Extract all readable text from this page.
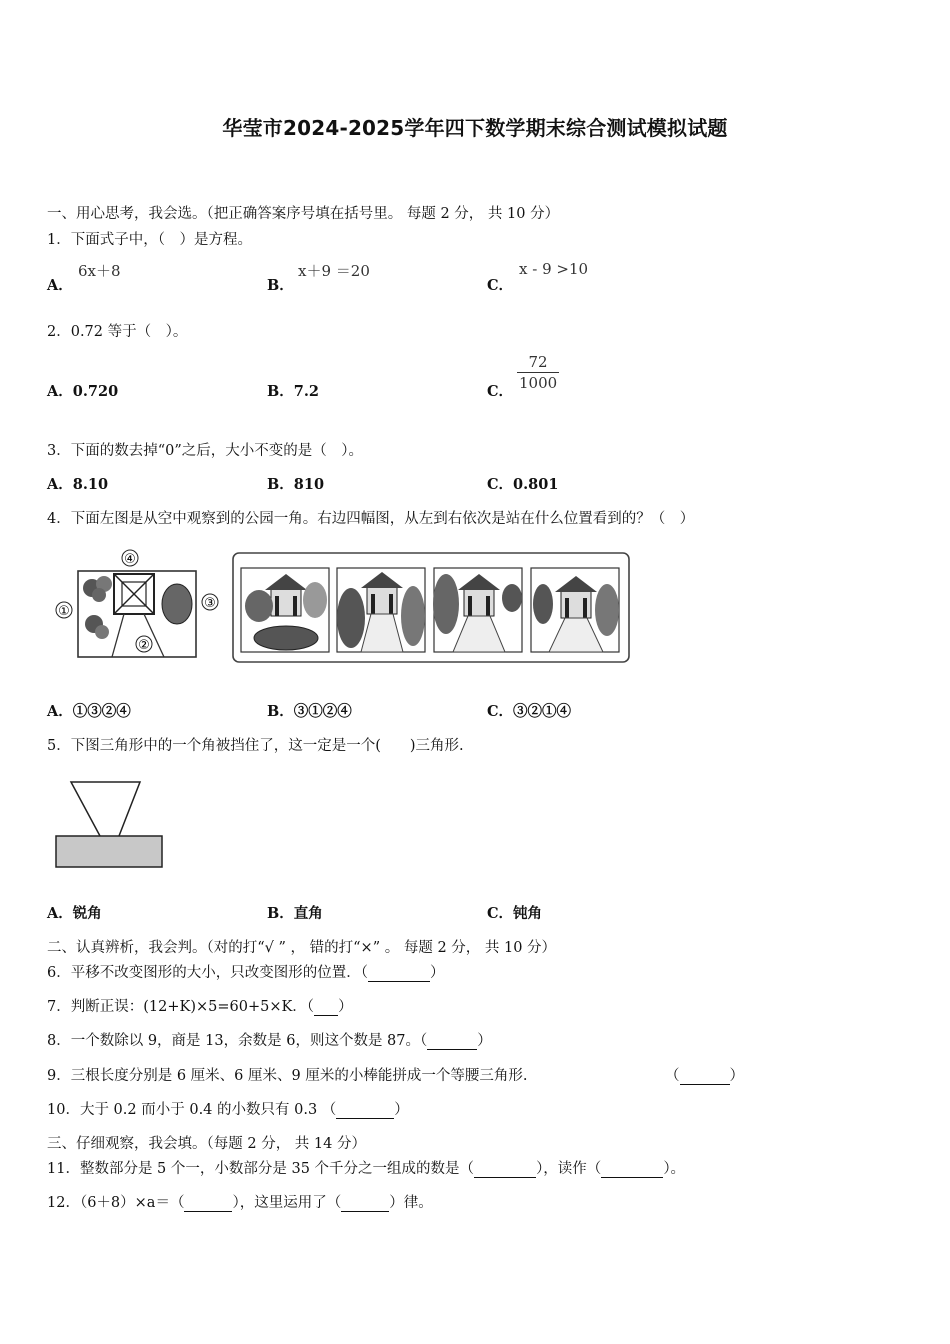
华莹市2024-2025学年四下数学期末综合测试模拟试题
一、用心思考，我会选。（把正确答案序号填在括号里。 每题 2 分， 共 10 分）
1．下面式子中，（　）是方程。
A．
6x＋8
B．
x＋9 ＝20
C．
x - 9 >10
2．0.72 等于（　）。
A．0.720	B．7.2	C．
72
1000
3．下面的数去掉“0”之后，大小不变的是（　）。
A．8.10	B．810	C．0.801
4．下面左图是从空中观察到的公园一角。右边四幅图，从左到右依次是站在什么位置看到的？（　）
④
①
③
②
A．①③②④	B．③①②④	C．③②①④
5．下图三角形中的一个角被挡住了，这一定是一个(　　)三角形.
A．锐角	B．直角	C．钝角
二、认真辨析，我会判。（对的打“√ ” ， 错的打“×” 。 每题 2 分， 共 10 分）
6．平移不改变图形的大小，只改变图形的位置．（	）
7．判断正误：(12+K)×5=60+5×K．（ ）
8．一个数除以 9，商是 13，余数是 6，则这个数是 87。（	）
9．三根长度分别是 6 厘米、6 厘米、9 厘米的小棒能拼成一个等腰三角形.	（	）
10．大于 0.2 而小于 0.4 的小数只有 0.3 （	）
三、仔细观察，我会填。（每题 2 分， 共 14 分）
11．整数部分是 5 个一，小数部分是 35 个千分之一组成的数是（	），读作（	）。
12．（6＋8）×a＝（	），这里运用了（	）律。
